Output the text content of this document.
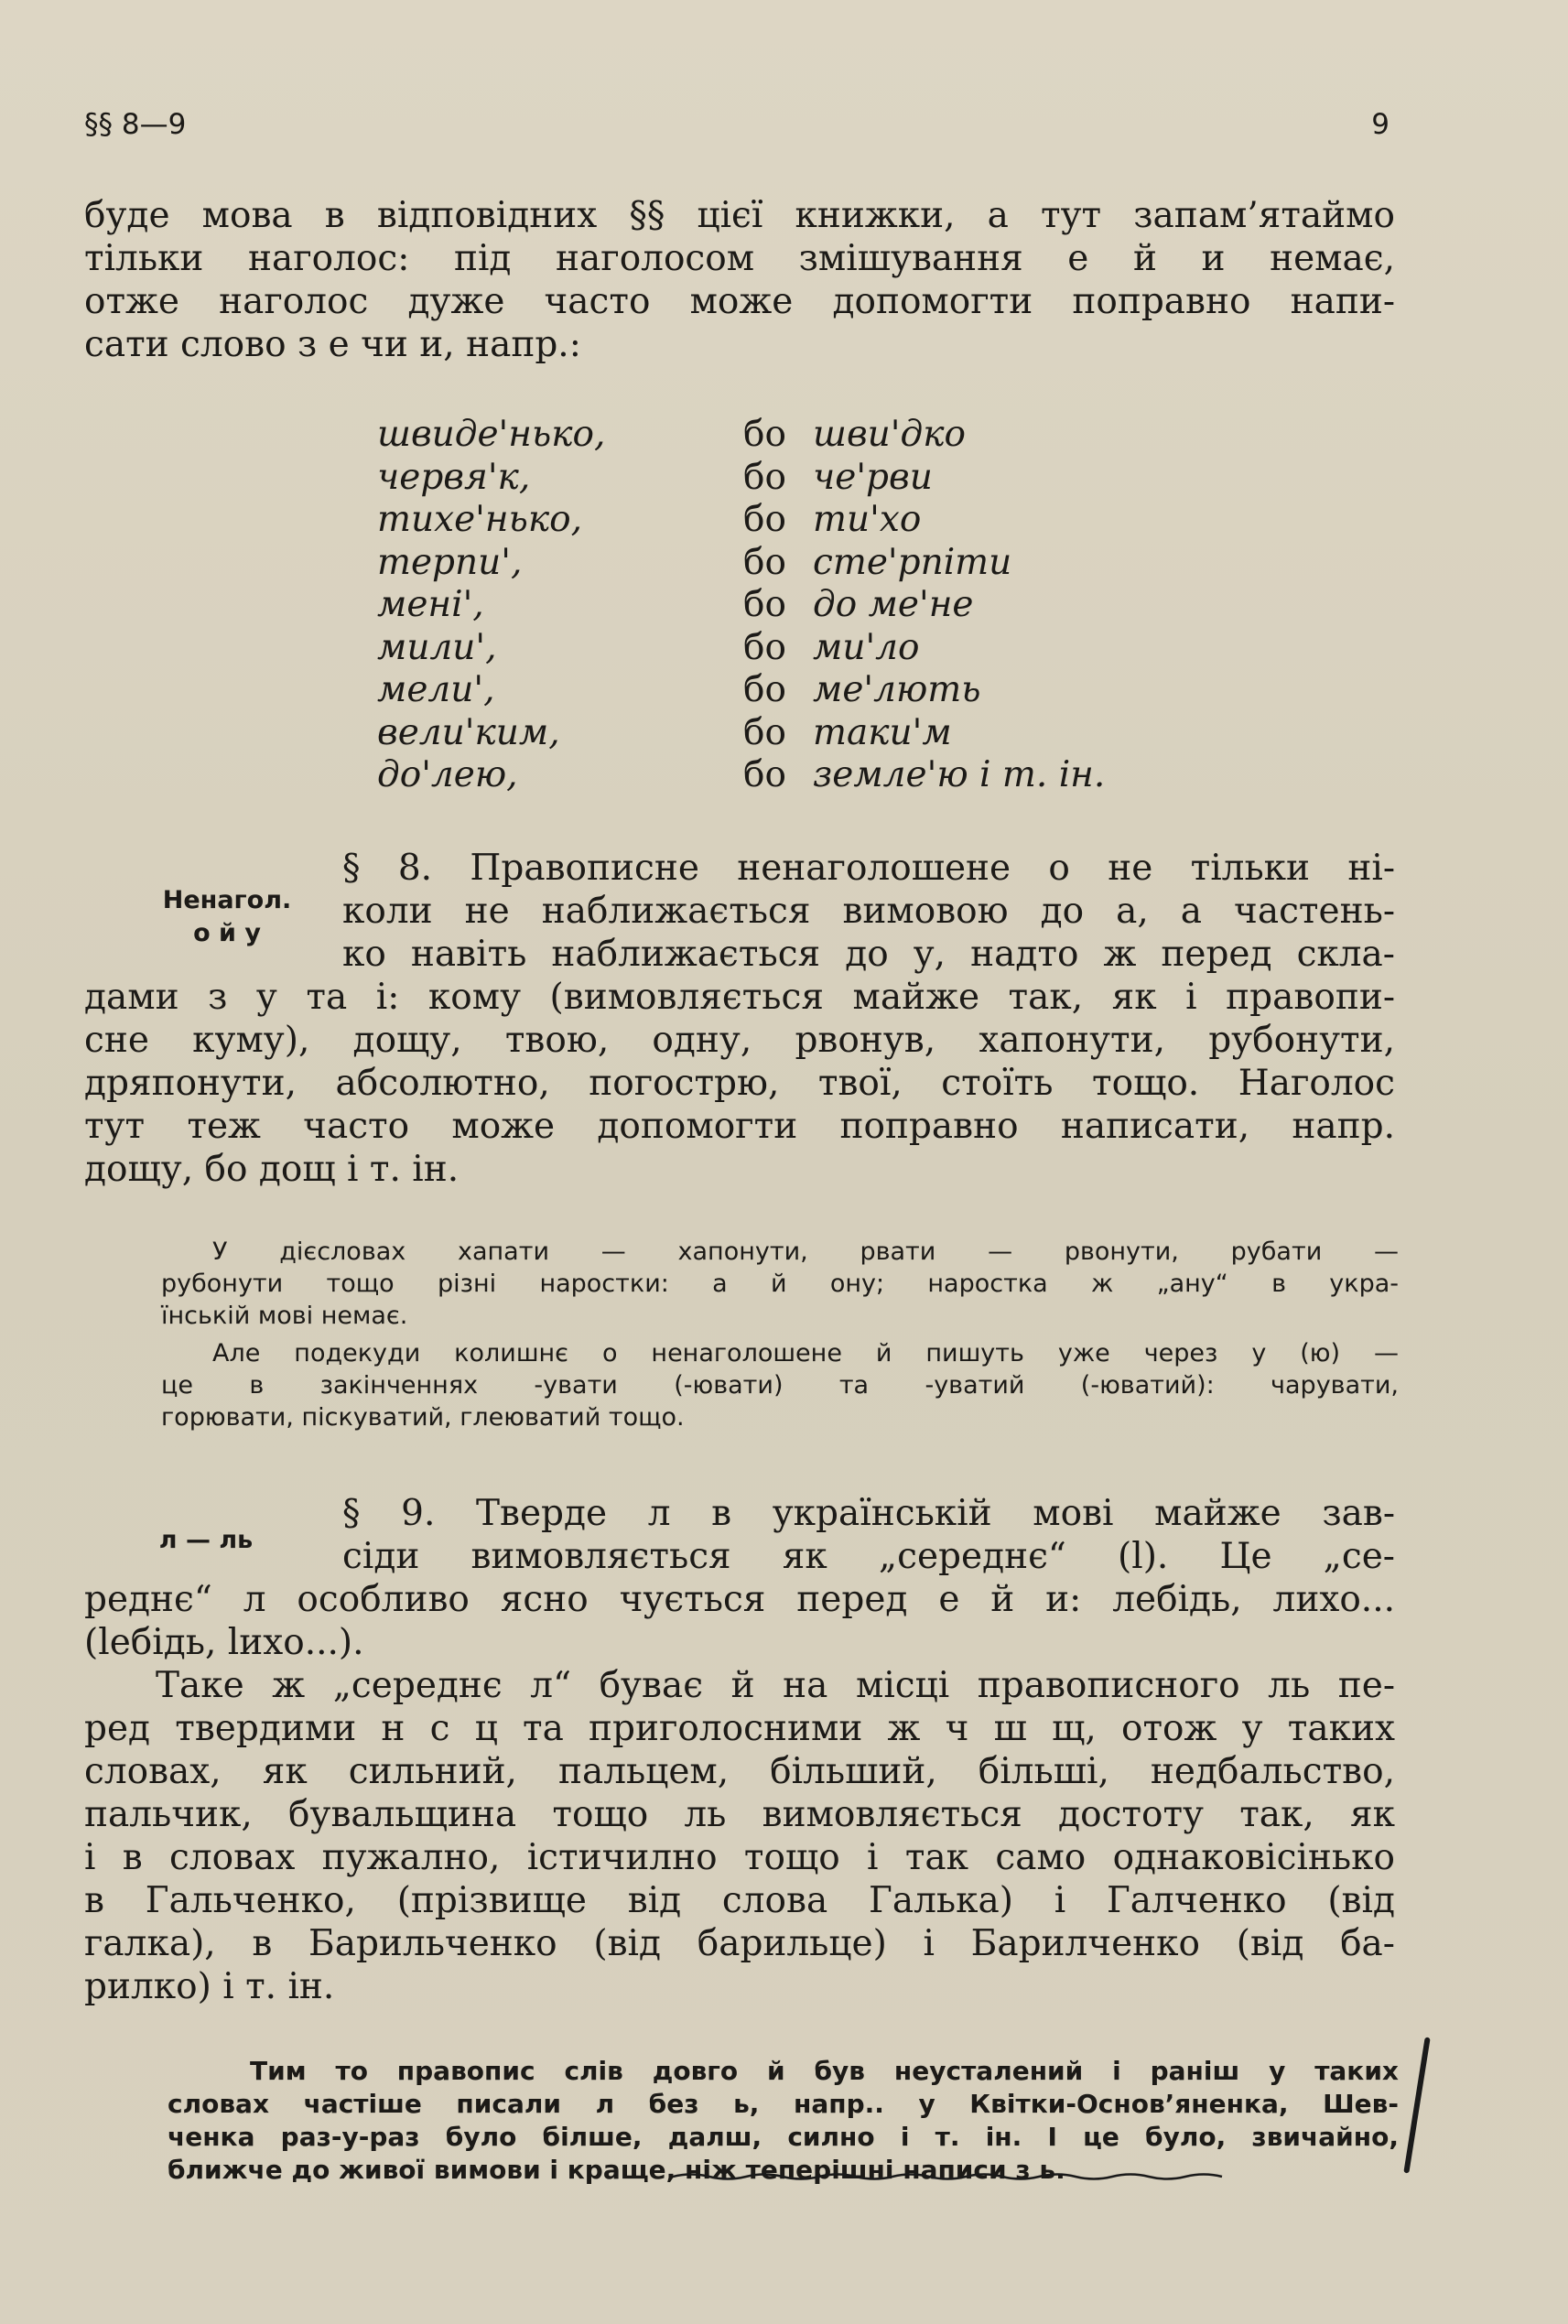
§§ 8—9	9
буде мова в відповідних §§ цієї книжки, а тут запам’ятаймо
тільки наголос: під наголосом змішування е й и немає,
отже наголос дуже часто може допомогти поправно напи-
сати слово з е чи и, напр.:
швиде'нько,	бо шви'дко
червя'к,	бо че'рви
тихе'нько,	бо ти'хо
терпи',	бо сте'рпіти
мені',	бо до ме'не
мили',	бо ми'ло
мели',	бо ме'лють
вели'ким,	бо таки'м
до'лею,	бо земле'ю і т. ін.
Ненагол.
о й у
§ 8. Правописне ненаголошене о не тільки ні-
коли не наближається вимовою до а, а частень-
ко навіть наближається до у, надто ж перед скла-
дами з у та і: кому (вимовляється майже так, як і правопи-
сне куму), дощу, твою, одну, рвонув, хапонути, рубонути,
дряпонути, абсолютно, погострю, твої, стоїть тощо. Наголос
тут теж часто може допомогти поправно написати, напр.
дощу, бо дощ і т. ін.
У дієсловах хапати — хапонути, рвати — рвонути, рубати —
рубонути тощо різні наростки: а й ону; наростка ж „ану“ в укра-
їнській мові немає.
Але подекуди колишнє о ненаголошене й пишуть уже через у (ю) —
це в закінченнях -увати (-ювати) та -уватий (-юватий): чарувати,
горювати, піскуватий, глеюватий тощо.
л — ль
§ 9. Тверде л в українській мові майже зав-
сіди вимовляється як „середнє“ (l). Це „се-
реднє“ л особливо ясно чується перед е й и: лебідь, лихо...
(lебідь, lихо...).
Таке ж „середнє л“ буває й на місці правописного ль пе-
ред твердими н с ц та приголосними ж ч ш щ, отож у таких
словах, як сильний, пальцем, більший, більші, недбальство,
пальчик, бувальщина тощо ль вимовляється достоту так, як
і в словах пужално, істичилно тощо і так само однаковісінько
в Гальченко, (прізвище від слова Галька) і Галченко (від
галка), в Барильченко (від барильце) і Барилченко (від ба-
рилко) і т. ін.
Тим то правопис слів довго й був неусталений і раніш у таких
словах частіше писали л без ь, напр.. у Квітки-Основ’яненка, Шев-
ченка раз-у-раз було білше, далш, силно і т. ін. І це було, звичайно,
ближче до живої вимови і краще, ніж теперішні написи з ь.
